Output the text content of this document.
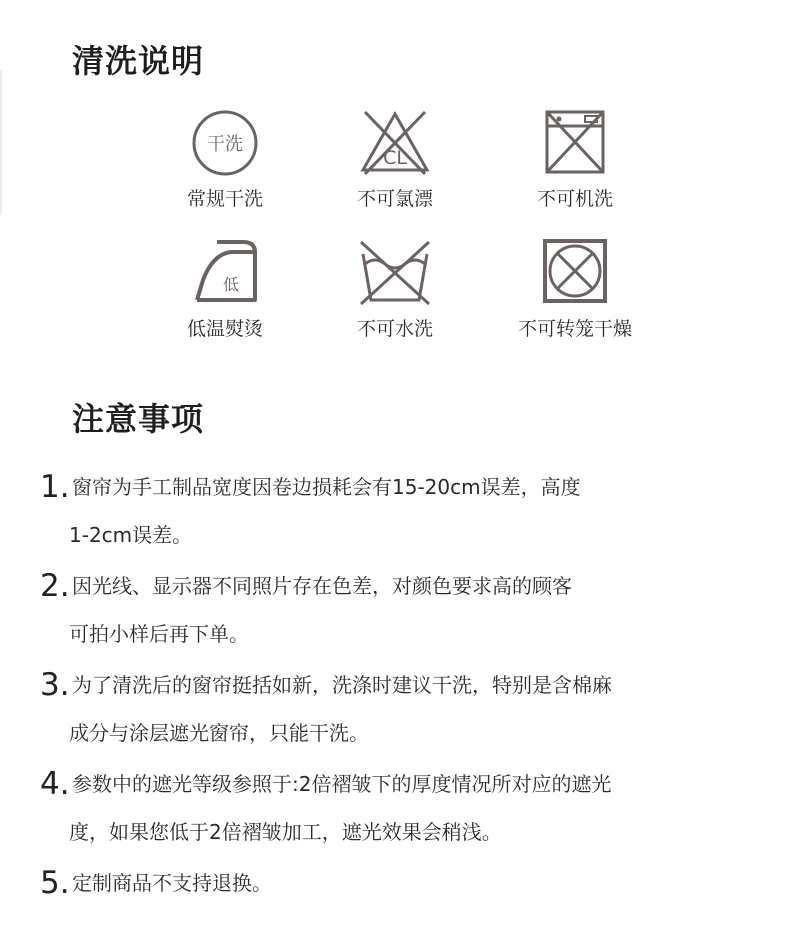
清洗说明
干洗
常规干洗
CL
不可氯漂	不可机洗
低
低温熨烫	不可水洗	不可转笼干燥
注意事项
1. 窗帘为手工制品宽度因卷边损耗会有15-20cm误差，高度
1-2cm误差。
2. 因光线、显示器不同照片存在色差，对颜色要求高的顾客
可拍小样后再下单。
3. 为了清洗后的窗帘挺括如新，洗涤时建议干洗，特别是含棉麻
成分与涂层遮光窗帘，只能干洗。
4. 参数中的遮光等级参照于:2倍褶皱下的厚度情况所对应的遮光
度，如果您低于2倍褶皱加工，遮光效果会稍浅。
5. 定制商品不支持退换。
